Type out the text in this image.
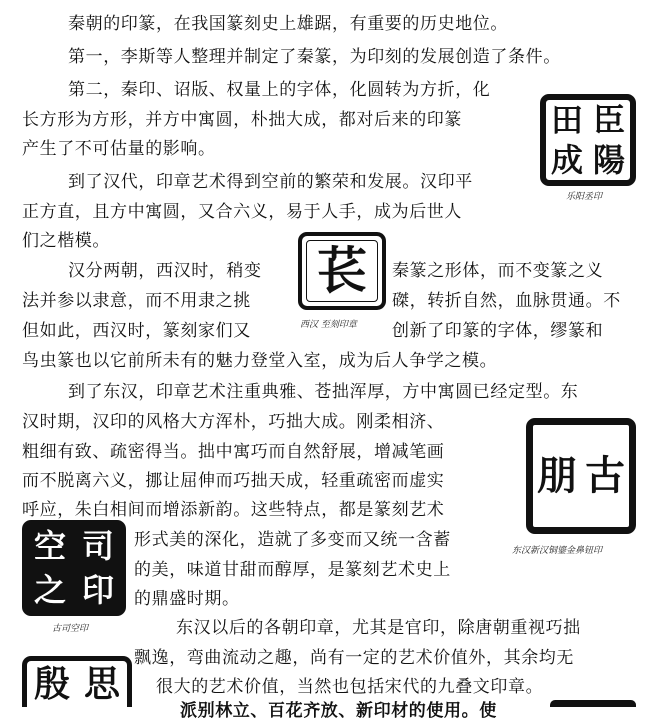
秦朝的印篆，在我国篆刻史上雄踞，有重要的历史地位。
第一，李斯等人整理并制定了秦篆，为印刻的发展创造了条件。
第二，秦印、诏版、权量上的字体，化圆转为方折，化
长方形为方形，并方中寓圆，朴拙大成，都对后来的印篆
产生了不可估量的影响。
到了汉代，印章艺术得到空前的繁荣和发展。汉印平
正方直，且方中寓圆，又合六义，易于人手，成为后世人
们之楷模。
汉分两朝，西汉时，稍变	秦篆之形体，而不变篆之义
法并参以隶意，而不用隶之挑	磔，转折自然，血脉贯通。不
但如此，西汉时，篆刻家们又	创新了印篆的字体，缪篆和
鸟虫篆也以它前所未有的魅力登堂入室，成为后人争学之模。
到了东汉，印章艺术注重典雅、苍拙浑厚，方中寓圆已经定型。东
汉时期，汉印的风格大方浑朴，巧拙大成。刚柔相济、
粗细有致、疏密得当。拙中寓巧而自然舒展，增减笔画
而不脱离六义，挪让屈伸而巧拙天成，轻重疏密而虚实
呼应，朱白相间而增添新韵。这些特点，都是篆刻艺术
形式美的深化，造就了多变而又统一含蓄
的美，味道甘甜而醇厚，是篆刻艺术史上
的鼎盛时期。
东汉以后的各朝印章，尤其是官印，除唐朝重视巧拙
飘逸，弯曲流动之趣，尚有一定的艺术价值外，其余均无
很大的艺术价值，当然也包括宋代的九叠文印章。
派别林立、百花齐放、新印材的使用。使
田 臣
成 陽
乐阳丞印
苌
西汉 至刻印章
朋 古
东汉新汉铜鎏金鼻钮印
空 司
之 印
古司空印
殷 思
